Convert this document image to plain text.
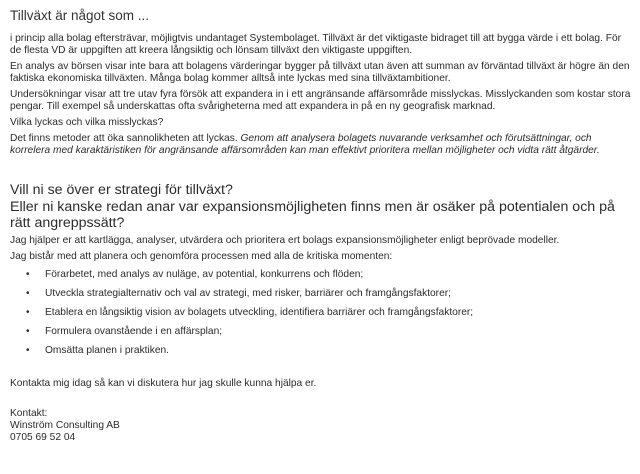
Tillväxt är något som ...

i princip alla bolag eftersträvar, möjligtvis undantaget Systembolaget. Tillväxt är det viktigaste bidraget till att bygga värde i ett bolag. För de flesta VD är uppgiften att kreera långsiktig och lönsam tillväxt den viktigaste uppgiften.

En analys av börsen visar inte bara att bolagens värderingar bygger på tillväxt utan även att summan av förväntad tillväxt är högre än den faktiska ekonomiska tillväxten. Många bolag kommer alltså inte lyckas med sina tillväxtambitioner.

Undersökningar visar att tre utav fyra försök att expandera in i ett angränsande affärsområde misslyckas. Misslyckanden som kostar stora pengar. Till exempel så underskattas ofta svårigheterna med att expandera in på en ny geografisk marknad.

Vilka lyckas och vilka misslyckas?

Det finns metoder att öka sannolikheten att lyckas. Genom att analysera bolagets nuvarande verksamhet och förutsättningar, och korrelera med karaktäristiken för angränsande affärsområden kan man effektivt prioritera mellan möjligheter och vidta rätt åtgärder.

Vill ni se över er strategi för tillväxt?
Eller ni kanske redan anar var expansionsmöjligheten finns men är osäker på potentialen och på rätt angreppssätt?

Jag hjälper er att kartlägga, analyser, utvärdera och prioritera ert bolags expansionsmöjligheter enligt beprövade modeller.

Jag bistår med att planera och genomföra processen med alla de kritiska momenten:

• Förarbetet, med analys av nuläge, av potential, konkurrens och flöden;
• Utveckla strategialternativ och val av strategi, med risker, barriärer och framgångsfaktorer;
• Etablera en långsiktig vision av bolagets utveckling, identifiera barriärer och framgångsfaktorer;
• Formulera ovanstående i en affärsplan;
• Omsätta planen i praktiken.

Kontakta mig idag så kan vi diskutera hur jag skulle kunna hjälpa er.

Kontakt:

Winström Consulting AB

0705 69 52 04
